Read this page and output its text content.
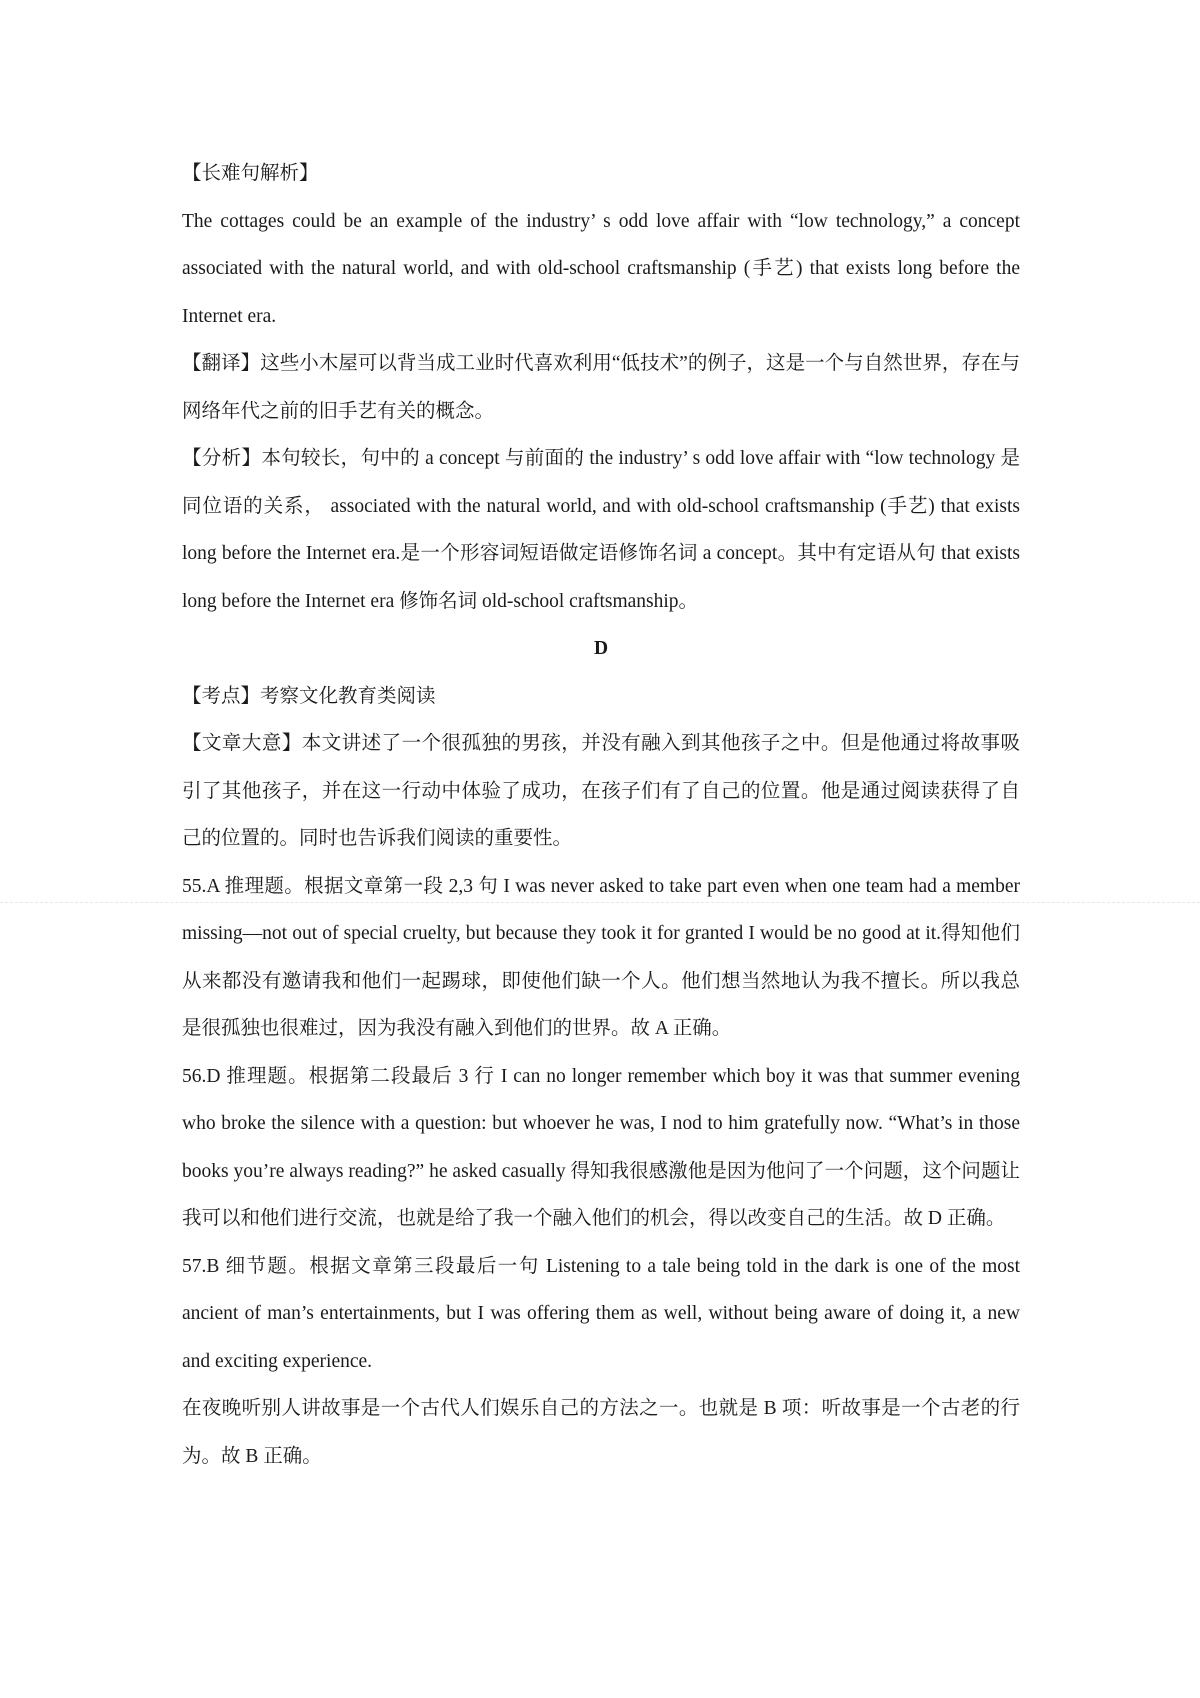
【长难句解析】

The cottages could be an example of the industry’ s odd love affair with “low technology,” a concept associated with the natural world, and with old-school craftsmanship (手艺) that exists long before the Internet era.

【翻译】这些小木屋可以背当成工业时代喜欢利用“低技术”的例子，这是一个与自然世界，存在与网络年代之前的旧手艺有关的概念。

【分析】本句较长，句中的 a concept 与前面的 the industry’ s odd love affair with “low technology 是同位语的关系， associated with the natural world, and with old-school craftsmanship (手艺) that exists long before the Internet era.是一个形容词短语做定语修饰名词 a concept。其中有定语从句 that exists long before the Internet era 修饰名词 old-school craftsmanship。

D

【考点】考察文化教育类阅读

【文章大意】本文讲述了一个很孤独的男孩，并没有融入到其他孩子之中。但是他通过将故事吸引了其他孩子，并在这一行动中体验了成功，在孩子们有了自己的位置。他是通过阅读获得了自己的位置的。同时也告诉我们阅读的重要性。

55.A 推理题。根据文章第一段 2,3 句 I was never asked to take part even when one team had a member missing—not out of special cruelty, but because they took it for granted I would be no good at it.得知他们从来都没有邀请我和他们一起踢球，即使他们缺一个人。他们想当然地认为我不擅长。所以我总是很孤独也很难过，因为我没有融入到他们的世界。故 A 正确。

56.D 推理题。根据第二段最后 3 行 I can no longer remember which boy it was that summer evening who broke the silence with a question: but whoever he was, I nod to him gratefully now. “What’s in those books you’re always reading?” he asked casually 得知我很感激他是因为他问了一个问题，这个问题让我可以和他们进行交流，也就是给了我一个融入他们的机会，得以改变自己的生活。故 D 正确。

57.B 细节题。根据文章第三段最后一句 Listening to a tale being told in the dark is one of the most ancient of man’s entertainments, but I was offering them as well, without being aware of doing it, a new and exciting experience.

在夜晚听别人讲故事是一个古代人们娱乐自己的方法之一。也就是 B 项：听故事是一个古老的行为。故 B 正确。
